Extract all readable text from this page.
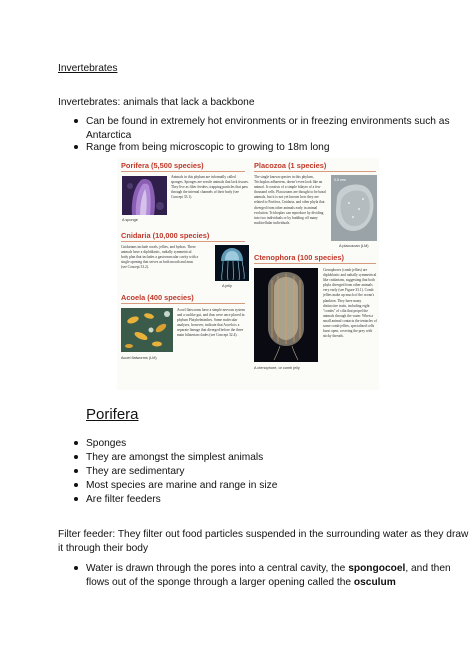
Invertebrates
Invertebrates: animals that lack a backbone
Can be found in extremely hot environments or in freezing environments such as
Antarctica
Range from being microscopic to growing to 18m long
Porifera (5,500 species)
A sponge
Animals in this phylum are informally called sponges. Sponges are sessile animals that lack tissues. They live as filter feeders, trapping particles that pass through the internal channels of their body (see Concept 33.1).
Cnidaria (10,000 species)
Cnidarians include corals, jellies, and hydras. These animals have a diploblastic, radially symmetrical body plan that includes a gastrovascular cavity with a single opening that serves as both mouth and anus (see Concept 33.2).
A jelly
Acoela (400 species)
Acoel flatworms (LM)
Acoel flatworms have a simple nervous system and a saclike gut, and thus were once placed in phylum Platyhelminthes. Some molecular analyses, however, indicate that Acoela is a separate lineage that diverged before the three main bilaterian clades (see Concept 32.4).
Placozoa (1 species)
The single known species in this phylum, Trichoplax adhaerens, doesn't even look like an animal. It consists of a simple bilayer of a few thousand cells. Placozoans are thought to be basal animals, but it is not yet known how they are related to Porifera, Cnidaria, and other phyla that diverged from other animals early in animal evolution. Trichoplax can reproduce by dividing into two individuals or by budding off many multicellular individuals.
0.5 mm
A placozoan (LM)
Ctenophora (100 species)
A ctenophore, or comb jelly
Ctenophores (comb jellies) are diploblastic and radially symmetrical like cnidarians, suggesting that both phyla diverged from other animals very early (see Figure 33.1). Comb jellies make up much of the ocean's plankton. They have many distinctive traits, including eight "combs" of cilia that propel the animals through the water. When a small animal contacts the tentacles of some comb jellies, specialized cells burst open, covering the prey with sticky threads.
Porifera
Sponges
They are amongst the simplest animals
They are sedimentary
Most species are marine and range in size
Are filter feeders
Filter feeder: They filter out food particles suspended in the surrounding water as they draw
it through their body
Water is drawn through the pores into a central cavity, the spongocoel, and then
flows out of the sponge through a larger opening called the osculum
